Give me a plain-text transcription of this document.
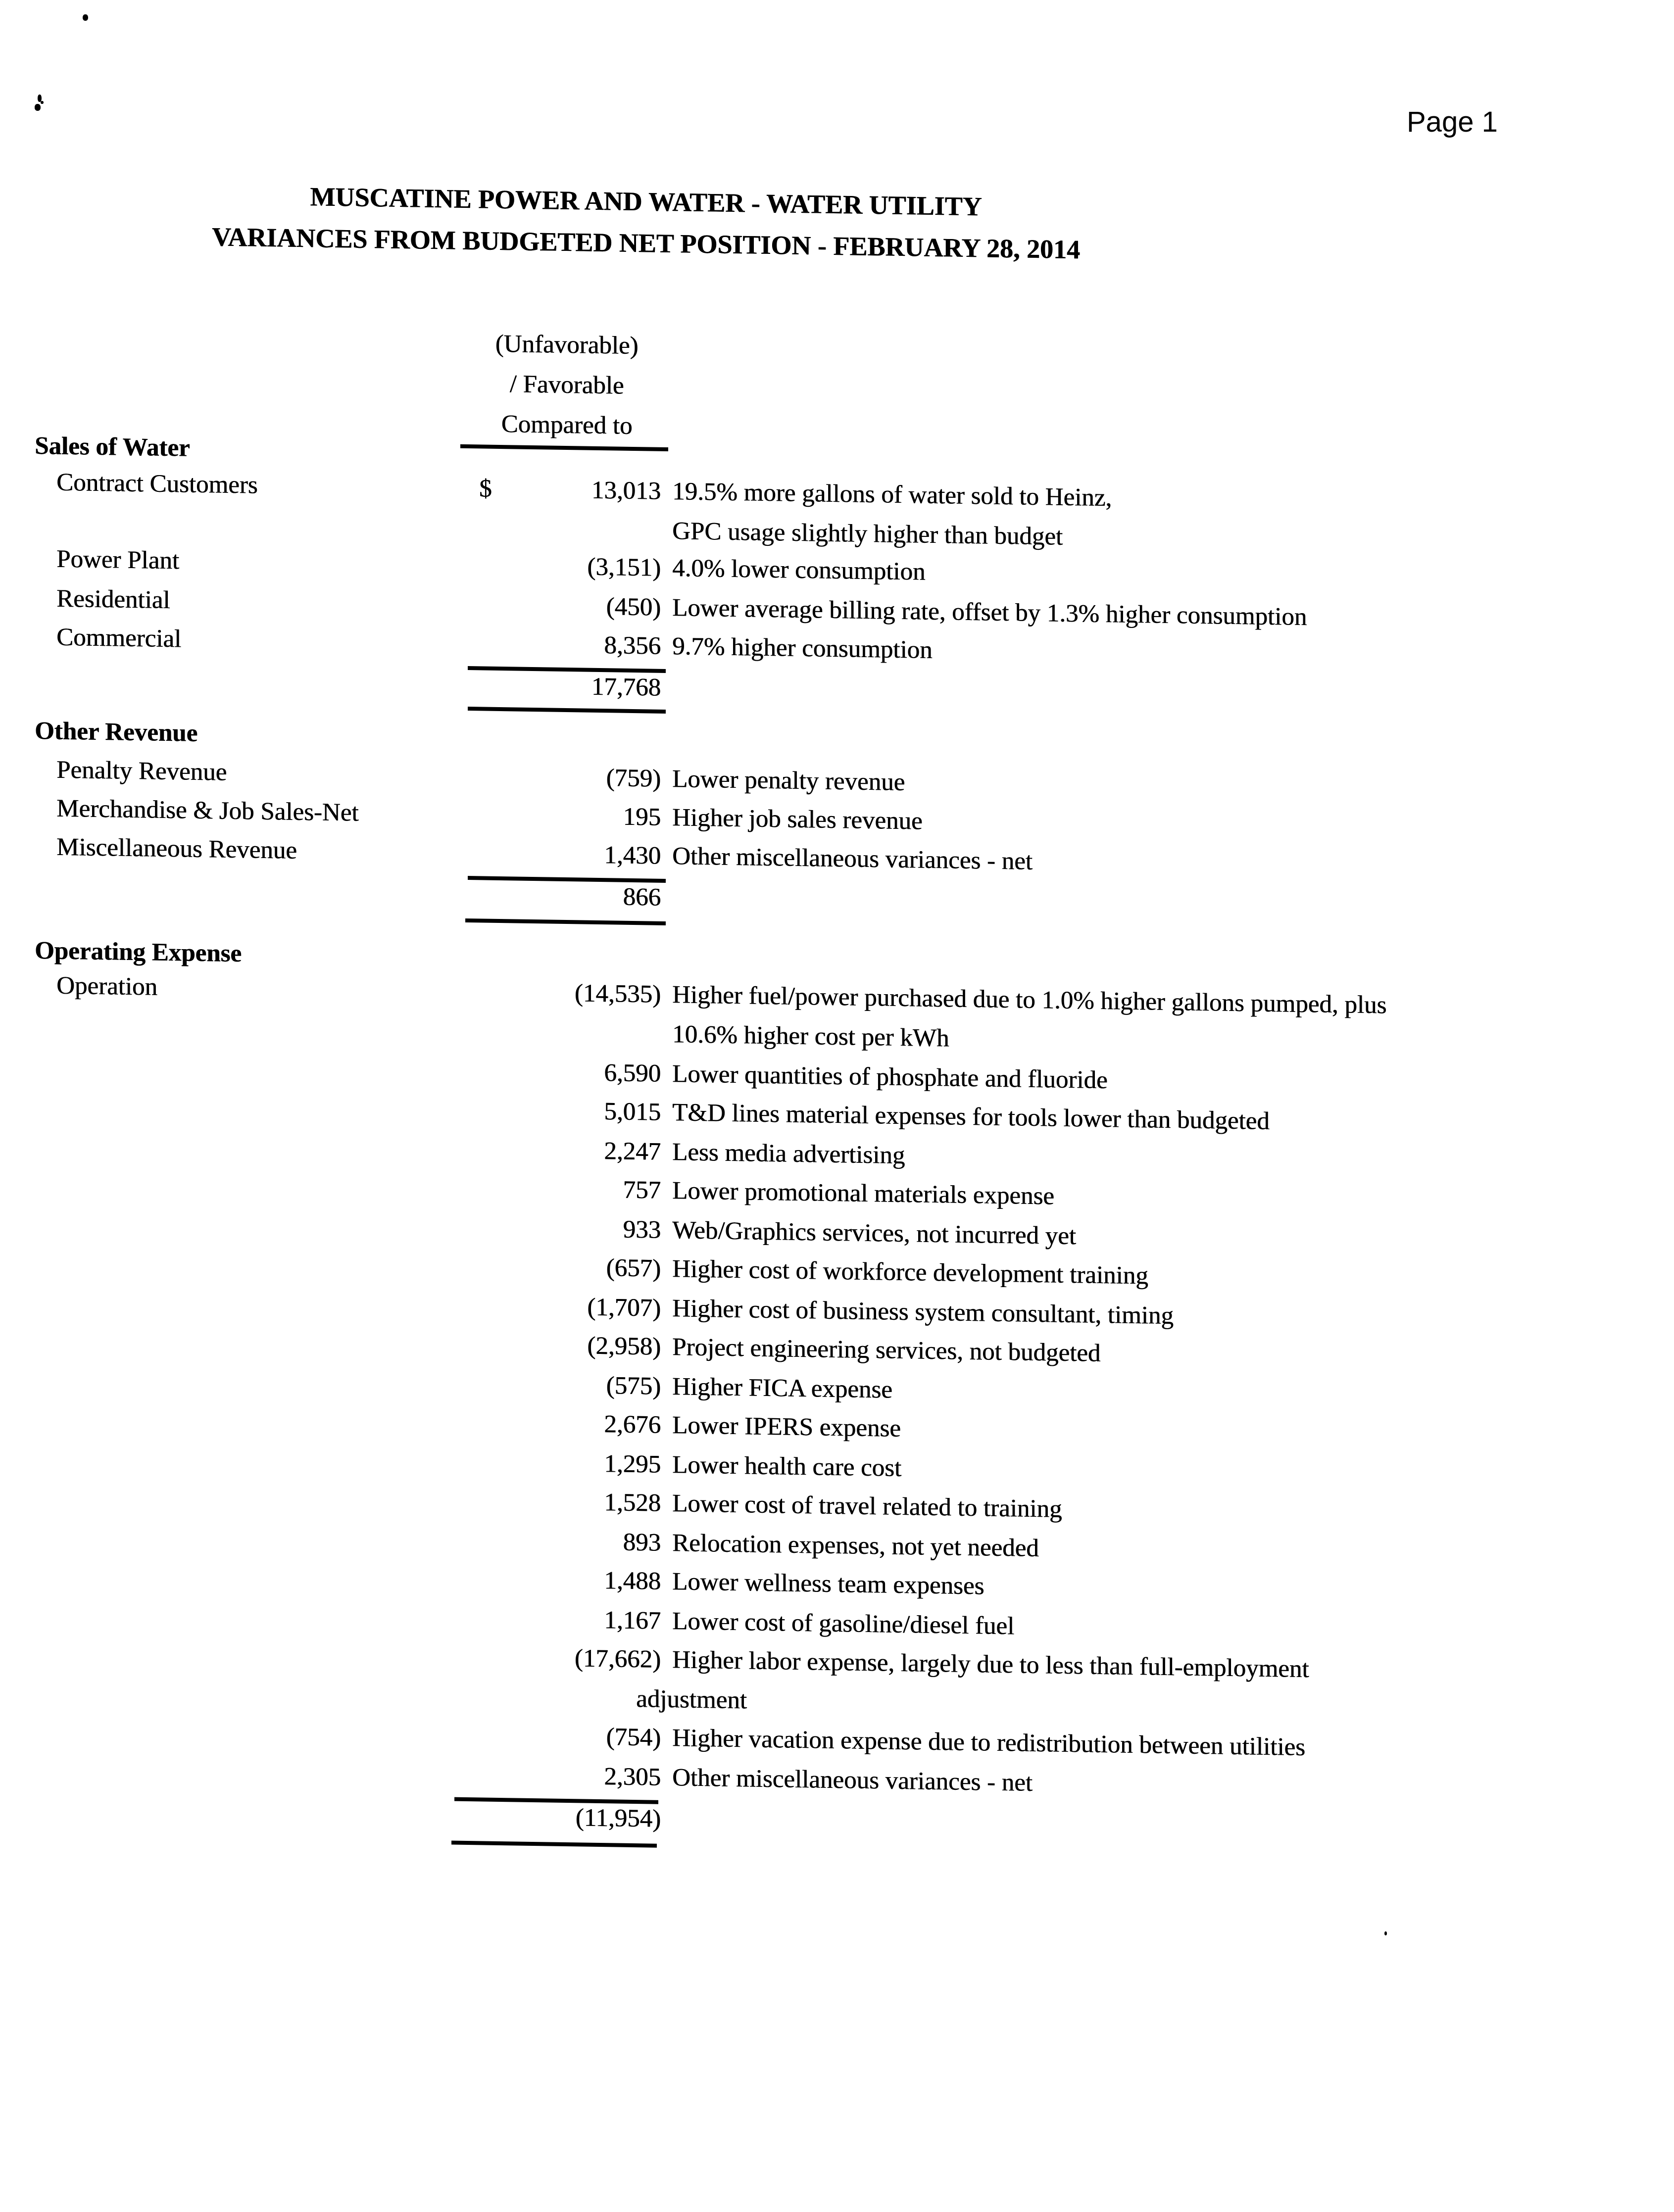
Page 1
MUSCATINE POWER AND WATER - WATER UTILITY
VARIANCES FROM BUDGETED NET POSITION - FEBRUARY 28, 2014
(Unfavorable)
/ Favorable
Compared to
Sales of Water
Contract Customers	$	13,013 19.5% more gallons of water sold to Heinz,
GPC usage slightly higher than budget
Power Plant	(3,151) 4.0% lower consumption
Residential	(450) Lower average billing rate, offset by 1.3% higher consumption
Commercial	8,356 9.7% higher consumption
17,768
Other Revenue
Penalty Revenue	(759) Lower penalty revenue
Merchandise & Job Sales-Net	195 Higher job sales revenue
Miscellaneous Revenue	1,430 Other miscellaneous variances - net
866
Operating Expense
Operation	(14,535) Higher fuel/power purchased due to 1.0% higher gallons pumped, plus
10.6% higher cost per kWh
6,590 Lower quantities of phosphate and fluoride
5,015 T&D lines material expenses for tools lower than budgeted
2,247 Less media advertising
757 Lower promotional materials expense
933 Web/Graphics services, not incurred yet
(657) Higher cost of workforce development training
(1,707) Higher cost of business system consultant, timing
(2,958) Project engineering services, not budgeted
(575) Higher FICA expense
2,676 Lower IPERS expense
1,295 Lower health care cost
1,528 Lower cost of travel related to training
893 Relocation expenses, not yet needed
1,488 Lower wellness team expenses
1,167 Lower cost of gasoline/diesel fuel
(17,662) Higher labor expense, largely due to less than full-employment
adjustment
(754) Higher vacation expense due to redistribution between utilities
2,305 Other miscellaneous variances - net
(11,954)
